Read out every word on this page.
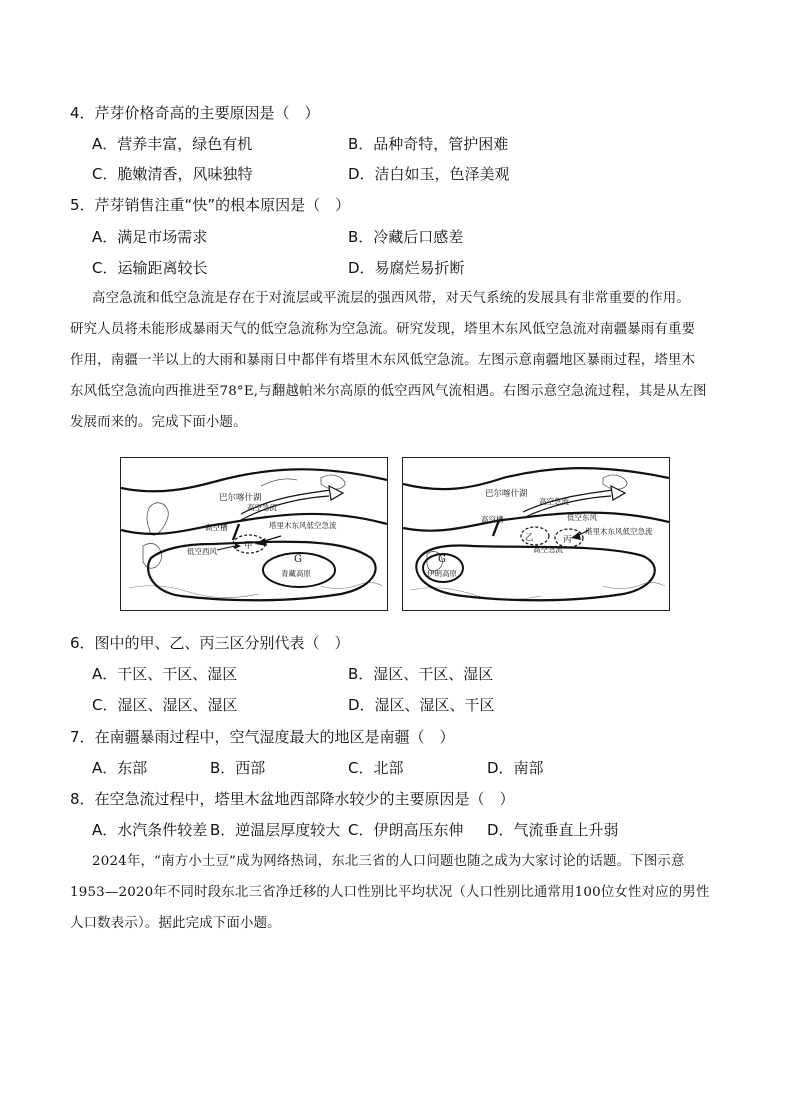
4．芹芽价格奇高的主要原因是（　）
A．营养丰富，绿色有机	B．品种奇特，管护困难
C．脆嫩清香，风味独特	D．洁白如玉，色泽美观
5．芹芽销售注重“快”的根本原因是（　）
A．满足市场需求	B．冷藏后口感差
C．运输距离较长	D．易腐烂易折断
高空急流和低空急流是存在于对流层或平流层的强西风带，对天气系统的发展具有非常重要的作用。
研究人员将未能形成暴雨天气的低空急流称为空急流。研究发现，塔里木东风低空急流对南疆暴雨有重要
作用，南疆一半以上的大雨和暴雨日中都伴有塔里木东风低空急流。左图示意南疆地区暴雨过程，塔里木
东风低空急流向西推进至78°E,与翻越帕米尔高原的低空西风气流相遇。右图示意空急流过程，其是从左图
发展而来的。完成下面小题。
巴尔喀什湖
高空急流
高空槽	塔里木东风低空急流
低空西风
甲
G
青藏高原
巴尔喀什湖
高空急流
高空槽	低空东风
塔里木东风低空急流
乙	丙
高空急流
G
伊朗高原
6．图中的甲、乙、丙三区分别代表（　）
A．干区、干区、湿区	B．湿区、干区、湿区
C．湿区、湿区、湿区	D．湿区、湿区、干区
7．在南疆暴雨过程中，空气湿度最大的地区是南疆（　）
A．东部	B．西部	C．北部	D．南部
8．在空急流过程中，塔里木盆地西部降水较少的主要原因是（　）
A．水汽条件较差 B．逆温层厚度较大 C．伊朗高压东伸 D．气流垂直上升弱
2024年，“南方小土豆”成为网络热词，东北三省的人口问题也随之成为大家讨论的话题。下图示意
1953—2020年不同时段东北三省净迁移的人口性别比平均状况（人口性别比通常用100位女性对应的男性
人口数表示）。据此完成下面小题。
